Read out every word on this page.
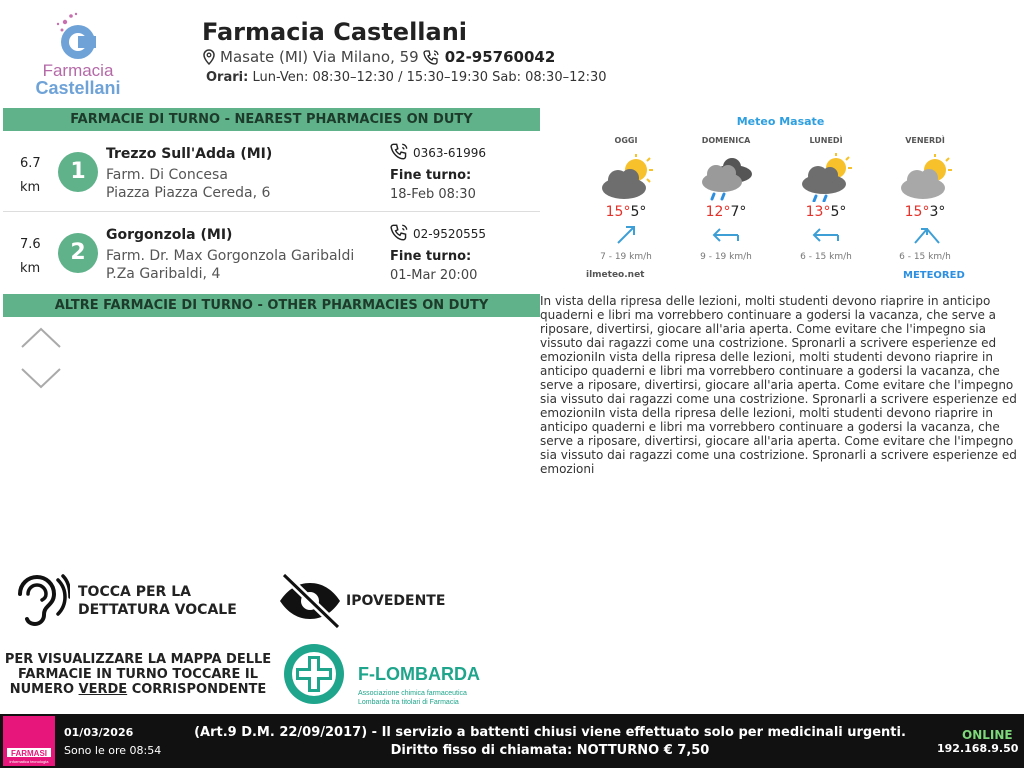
Farmacia
Castellani
Farmacia Castellani
Masate (MI) Via Milano, 59 02-95760042
Orari: Lun-Ven: 08:30–12:30 / 15:30–19:30 Sab: 08:30–12:30
FARMACIE DI TURNO - NEAREST PHARMACIES ON DUTY
6.7
km
1
Trezzo Sull'Adda (MI)
Farm. Di Concesa
Piazza Piazza Cereda, 6
0363-61996
Fine turno:
18-Feb 08:30
7.6
km
2
Gorgonzola (MI)
Farm. Dr. Max Gorgonzola Garibaldi
P.Za Garibaldi, 4
02-9520555
Fine turno:
01-Mar 20:00
ALTRE FARMACIE DI TURNO - OTHER PHARMACIES ON DUTY
Meteo Masate
OGGI	DOMENICA	LUNEDÌ	VENERDÌ
15°5°	12°7°	13°5°	15°3°
7 - 19 km/h	9 - 19 km/h	6 - 15 km/h	6 - 15 km/h
ilmeteo.net	METEORED
In vista della ripresa delle lezioni, molti studenti devono riaprire in anticipo quaderni e libri ma vorrebbero continuare a godersi la vacanza, che serve a riposare, divertirsi, giocare all'aria aperta. Come evitare che l'impegno sia vissuto dai ragazzi come una costrizione. Spronarli a scrivere esperienze ed emozioniIn vista della ripresa delle lezioni, molti studenti devono riaprire in anticipo quaderni e libri ma vorrebbero continuare a godersi la vacanza, che serve a riposare, divertirsi, giocare all'aria aperta. Come evitare che l'impegno sia vissuto dai ragazzi come una costrizione. Spronarli a scrivere esperienze ed emozioniIn vista della ripresa delle lezioni, molti studenti devono riaprire in anticipo quaderni e libri ma vorrebbero continuare a godersi la vacanza, che serve a riposare, divertirsi, giocare all'aria aperta. Come evitare che l'impegno sia vissuto dai ragazzi come una costrizione. Spronarli a scrivere esperienze ed emozioni
TOCCA PER LA
DETTATURA VOCALE
IPOVEDENTE
PER VISUALIZZARE LA MAPPA DELLE FARMACIE IN TURNO TOCCARE IL NUMERO VERDE CORRISPONDENTE
F-LOMBARDA
Associazione chimica farmaceutica
Lombarda tra titolari di Farmacia
FARMASI
informatica tecnologia
01/03/2026
Sono le ore 08:54
(Art.9 D.M. 22/09/2017) - Il servizio a battenti chiusi viene effettuato solo per medicinali urgenti. Diritto fisso di chiamata: NOTTURNO € 7,50
ONLINE
192.168.9.50
